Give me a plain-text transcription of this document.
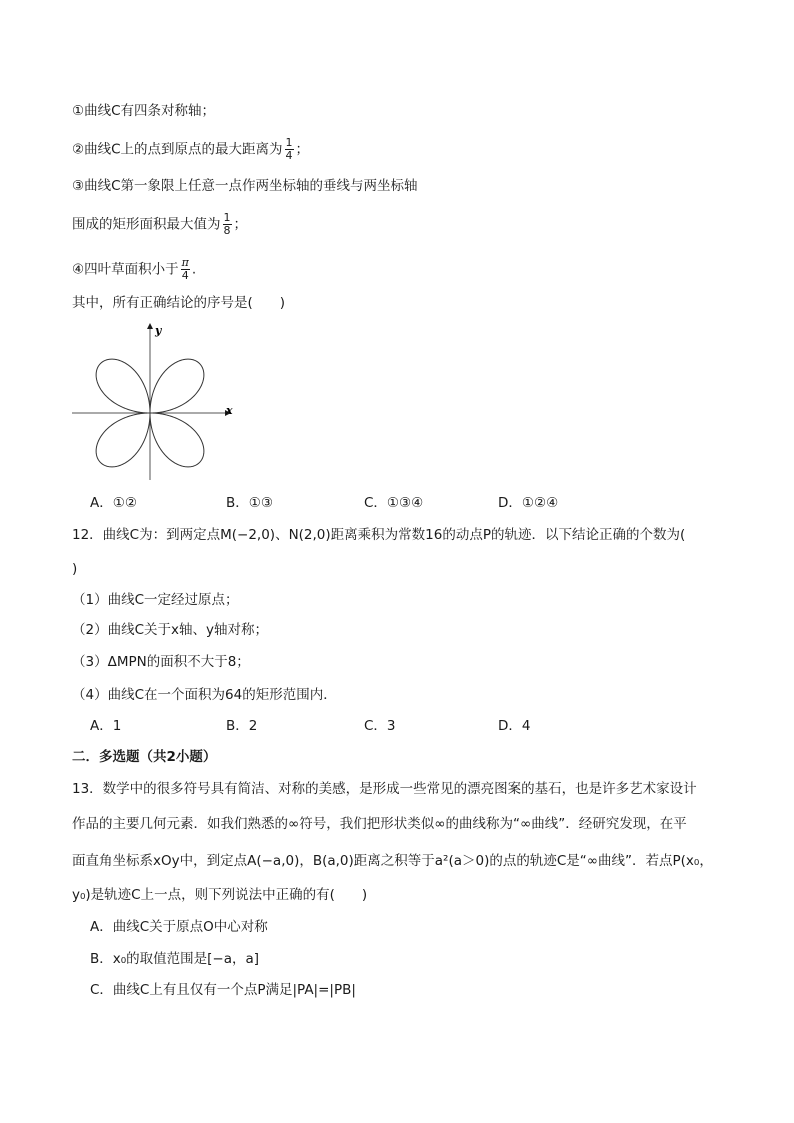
①曲线C有四条对称轴；
②曲线C上的点到原点的最大距离为 $\frac{1}{4}$ ；
③曲线C第一象限上任意一点作两坐标轴的垂线与两坐标轴
围成的矩形面积最大值为 $\frac{1}{8}$ ；
④四叶草面积小于 $\frac{\pi}{4}$ .
其中，所有正确结论的序号是(　　)
y
x
A．①②	B．①③	C．①③④	D．①②④
12．曲线C为：到两定点M(−2,0)、N(2,0)距离乘积为常数16的动点P的轨迹．以下结论正确的个数为(
)
（1）曲线C一定经过原点；
（2）曲线C关于x轴、y轴对称；
（3）ΔMPN的面积不大于8；
（4）曲线C在一个面积为64的矩形范围内．
A．1	B．2	C．3	D．4
二．多选题（共2小题）
13．数学中的很多符号具有简洁、对称的美感，是形成一些常见的漂亮图案的基石，也是许多艺术家设计
作品的主要几何元素．如我们熟悉的∞符号，我们把形状类似∞的曲线称为“∞曲线”．经研究发现，在平
面直角坐标系xOy中，到定点A(−a,0)，B(a,0)距离之积等于a²(a＞0)的点的轨迹C是“∞曲线”．若点P(x₀，
y₀)是轨迹C上一点，则下列说法中正确的有(　　)
A．曲线C关于原点O中心对称
B．x₀的取值范围是[−a，a]
C．曲线C上有且仅有一个点P满足|PA|=|PB|
